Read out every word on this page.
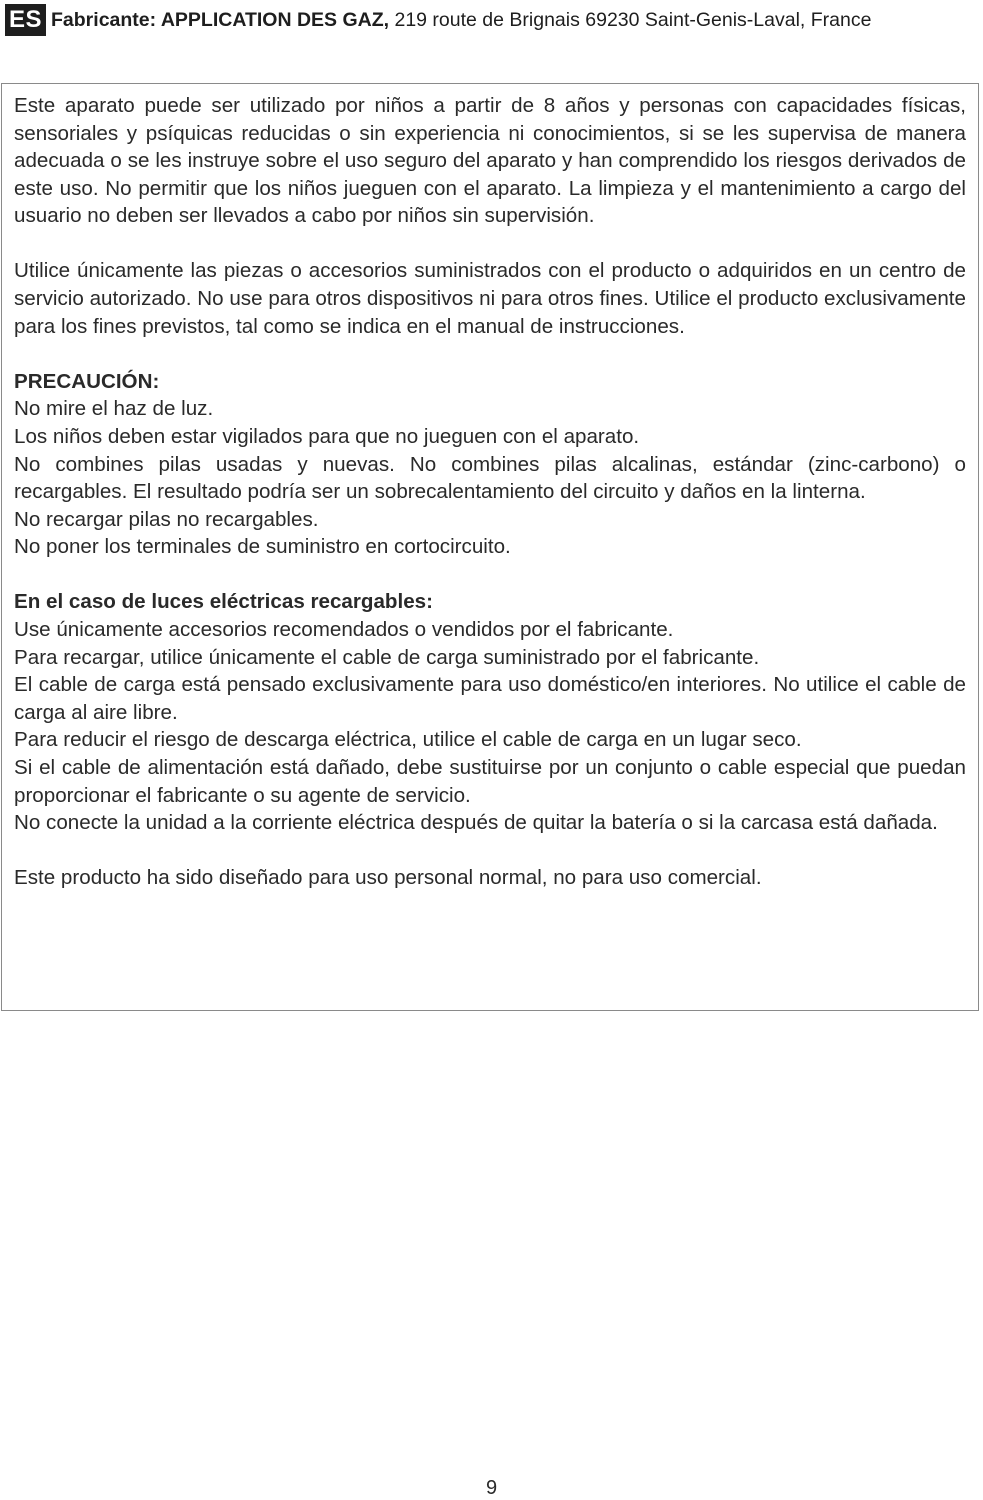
ES Fabricante: APPLICATION DES GAZ, 219 route de Brignais 69230 Saint-Genis-Laval, France

Este aparato puede ser utilizado por niños a partir de 8 años y personas con capacidades físicas, sensoriales y psíquicas reducidas o sin experiencia ni conocimientos, si se les supervisa de manera adecuada o se les instruye sobre el uso seguro del aparato y han comprendido los riesgos derivados de este uso. No permitir que los niños jueguen con el aparato. La limpieza y el mantenimiento a cargo del usuario no deben ser llevados a cabo por niños sin supervisión.

Utilice únicamente las piezas o accesorios suministrados con el producto o adquiridos en un centro de servicio autorizado. No use para otros dispositivos ni para otros fines. Utilice el producto exclusivamente para los fines previstos, tal como se indica en el manual de instrucciones.

PRECAUCIÓN:
No mire el haz de luz.
Los niños deben estar vigilados para que no jueguen con el aparato.
No combines pilas usadas y nuevas. No combines pilas alcalinas, estándar (zinc-carbono) o recargables. El resultado podría ser un sobrecalentamiento del circuito y daños en la linterna.
No recargar pilas no recargables.
No poner los terminales de suministro en cortocircuito.
En el caso de luces eléctricas recargables:
Use únicamente accesorios recomendados o vendidos por el fabricante.
Para recargar, utilice únicamente el cable de carga suministrado por el fabricante.
El cable de carga está pensado exclusivamente para uso doméstico/en interiores. No utilice el cable de carga al aire libre.
Para reducir el riesgo de descarga eléctrica, utilice el cable de carga en un lugar seco.
Si el cable de alimentación está dañado, debe sustituirse por un conjunto o cable especial que puedan proporcionar el fabricante o su agente de servicio.
No conecte la unidad a la corriente eléctrica después de quitar la batería o si la carcasa está dañada.

Este producto ha sido diseñado para uso personal normal, no para uso comercial.

9
